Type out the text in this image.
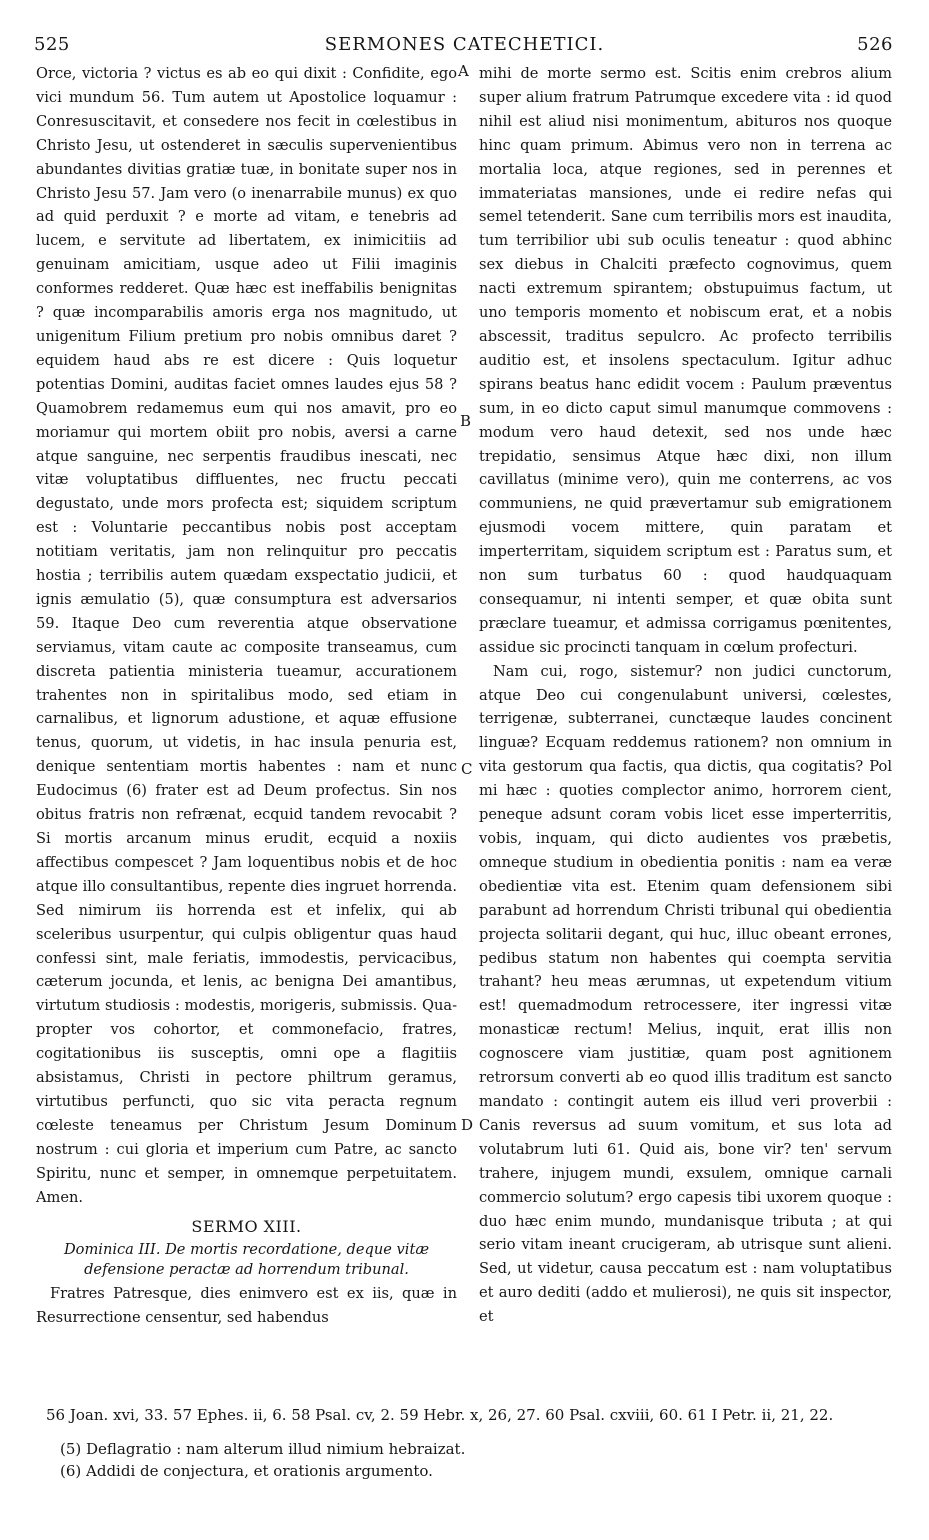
SERMONES CATECHETICI.
525	526

Orce, victoria ? victus es ab eo qui dixit : Confidite, ego vici mundum 56. Tum autem ut Apostolice loquamur : Conresuscitavit, et consedere nos fecit in cœlestibus in Christo Jesu, ut ostenderet in sæculis supervenientibus abundantes divitias gratiæ tuæ, in bonitate super nos in Christo Jesu 57. Jam vero (o inenarrabile munus) ex quo ad quid perduxit ? e morte ad vitam, e tenebris ad lucem, e servitute ad libertatem, ex inimicitiis ad genuinam amicitiam, usque adeo ut Filii imaginis conformes redderet. Quæ hæc est ineffabilis benignitas ? quæ incomparabilis amoris erga nos magnitudo, ut unigenitum Filium pretium pro nobis omnibus daret ? equidem haud abs re est dicere : Quis loquetur potentias Domini, auditas faciet omnes laudes ejus 58 ? Quamobrem redamemus eum qui nos amavit, pro eo moriamur qui mortem obiit pro nobis, aversi a carne atque sanguine, nec serpentis fraudibus inescati, nec vitæ voluptatibus diffluentes, nec fructu peccati degustato, unde mors profecta est; siquidem scriptum est : Voluntarie peccantibus nobis post acceptam notitiam veritatis, jam non relinquitur pro peccatis hostia ; terribilis autem quædam exspectatio judicii, et ignis æmulatio (5), quæ consumptura est adversarios 59. Itaque Deo cum reverentia atque observatione serviamus, vitam caute ac composite transeamus, cum discreta patientia ministeria tueamur, accurationem trahentes non in spiritalibus modo, sed etiam in carnalibus, et lignorum adustione, et aquæ effusione tenus, quorum, ut videtis, in hac insula penuria est, denique sententiam mortis habentes : nam et nunc Eudocimus (6) frater est ad Deum profectus. Sin nos obitus fratris non refrænat, ecquid tandem revocabit ? Si mortis arcanum minus erudit, ecquid a noxiis affectibus compescet ? Jam loquentibus nobis et de hoc atque illo consultantibus, repente dies ingruet horrenda. Sed nimirum iis horrenda est et infelix, qui ab sceleribus usurpentur, qui culpis obligentur quas haud confessi sint, male feriatis, immodestis, pervicacibus, cæterum jocunda, et lenis, ac benigna Dei amantibus, virtutum studiosis : modestis, morigeris, submissis. Quapropter vos cohortor, et commonefacio, fratres, cogitationibus iis susceptis, omni ope a flagitiis absistamus, Christi in pectore philtrum geramus, virtutibus perfuncti, quo sic vita peracta regnum cœleste teneamus per Christum Jesum Dominum nostrum : cui gloria et imperium cum Patre, ac sancto Spiritu, nunc et semper, in omnemque perpetuitatem. Amen.

SERMO XIII.
Dominica III. De mortis recordatione, deque vitæ defensione peractæ ad horrendum tribunal.

Fratres Patresque, dies enimvero est ex iis, quæ in Resurrectione censentur, sed habendus

A
B
C
D

mihi de morte sermo est. Scitis enim crebros alium super alium fratrum Patrumque excedere vita : id quod nihil est aliud nisi monimentum, abituros nos quoque hinc quam primum. Abimus vero non in terrena ac mortalia loca, atque regiones, sed in perennes et immateriatas mansiones, unde ei redire nefas qui semel tetenderit. Sane cum terribilis mors est inaudita, tum terribilior ubi sub oculis teneatur : quod abhinc sex diebus in Chalciti præfecto cognovimus, quem nacti extremum spirantem; obstupuimus factum, ut uno temporis momento et nobiscum erat, et a nobis abscessit, traditus sepulcro. Ac profecto terribilis auditio est, et insolens spectaculum. Igitur adhuc spirans beatus hanc edidit vocem : Paulum præventus sum, in eo dicto caput simul manumque commovens : modum vero haud detexit, sed nos unde hæc trepidatio, sensimus Atque hæc dixi, non illum cavillatus (minime vero), quin me conterrens, ac vos communiens, ne quid prævertamur sub emigrationem ejusmodi vocem mittere, quin paratam et imperterritam, siquidem scriptum est : Paratus sum, et non sum turbatus 60 : quod haudquaquam consequamur, ni intenti semper, et quæ obita sunt præclare tueamur, et admissa corrigamus pœnitentes, assidue sic procincti tanquam in cœlum profecturi.

Nam cui, rogo, sistemur? non judici cunctorum, atque Deo cui congenulabunt universi, cœlestes, terrigenæ, subterranei, cunctæque laudes concinent linguæ? Ecquam reddemus rationem? non omnium in vita gestorum qua factis, qua dictis, qua cogitatis? Pol mi hæc : quoties complector animo, horrorem cient, peneque adsunt coram vobis licet esse imperterritis, vobis, inquam, qui dicto audientes vos præbetis, omneque studium in obedientia ponitis : nam ea veræ obedientiæ vita est. Etenim quam defensionem sibi parabunt ad horrendum Christi tribunal qui obedientia projecta solitarii degant, qui huc, illuc obeant errones, pedibus statum non habentes qui coempta servitia trahant? heu meas ærumnas, ut expetendum vitium est! quemadmodum retrocessere, iter ingressi vitæ monasticæ rectum! Melius, inquit, erat illis non cognoscere viam justitiæ, quam post agnitionem retrorsum converti ab eo quod illis traditum est sancto mandato : contingit autem eis illud veri proverbii : Canis reversus ad suum vomitum, et sus lota ad volutabrum luti 61. Quid ais, bone vir? ten' servum trahere, injugem mundi, exsulem, omnique carnali commercio solutum? ergo capesis tibi uxorem quoque : duo hæc enim mundo, mundanisque tributa ; at qui serio vitam ineant crucigeram, ab utrisque sunt alieni. Sed, ut videtur, causa peccatum est : nam voluptatibus et auro dediti (addo et mulierosi), ne quis sit inspector, et

56 Joan. xvi, 33. 57 Ephes. ii, 6. 58 Psal. cv, 2. 59 Hebr. x, 26, 27. 60 Psal. cxviii, 60. 61 I Petr. ii, 21, 22.
(5) Deflagratio : nam alterum illud nimium hebraizat.
(6) Addidi de conjectura, et orationis argumento.
